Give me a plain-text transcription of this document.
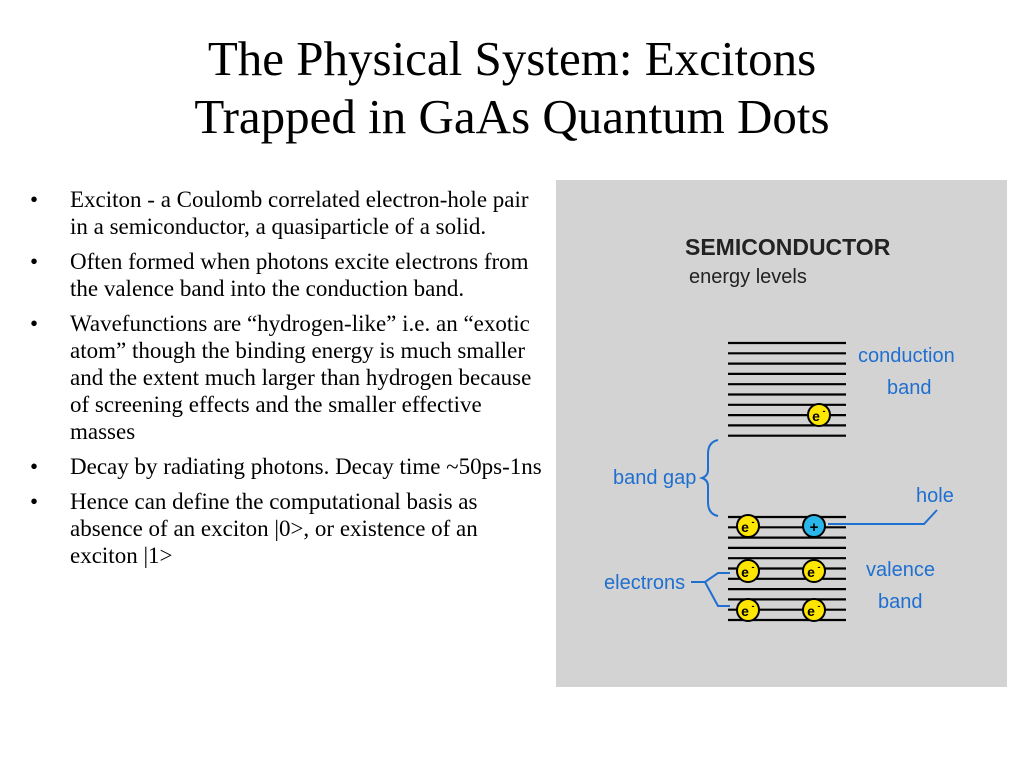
The Physical System: Excitons
Trapped in GaAs Quantum Dots
• Exciton - a Coulomb correlated electron-hole pair in a semiconductor, a quasiparticle of a solid.
• Often formed when photons excite electrons from the valence band into the conduction band.
• Wavefunctions are “hydrogen-like” i.e. an “exotic atom” though the binding energy is much smaller and the extent much larger than hydrogen because of screening effects and the smaller effective masses
• Decay by radiating photons. Decay time ~50ps-1ns
• Hence can define the computational basis as absence of an exciton |0>, or existence of an exciton |1>
SEMICONDUCTOR
energy levels
conduction
band
band gap
hole
valence
band
electrons
e -
e -	+
e -	e -
e -	e -
